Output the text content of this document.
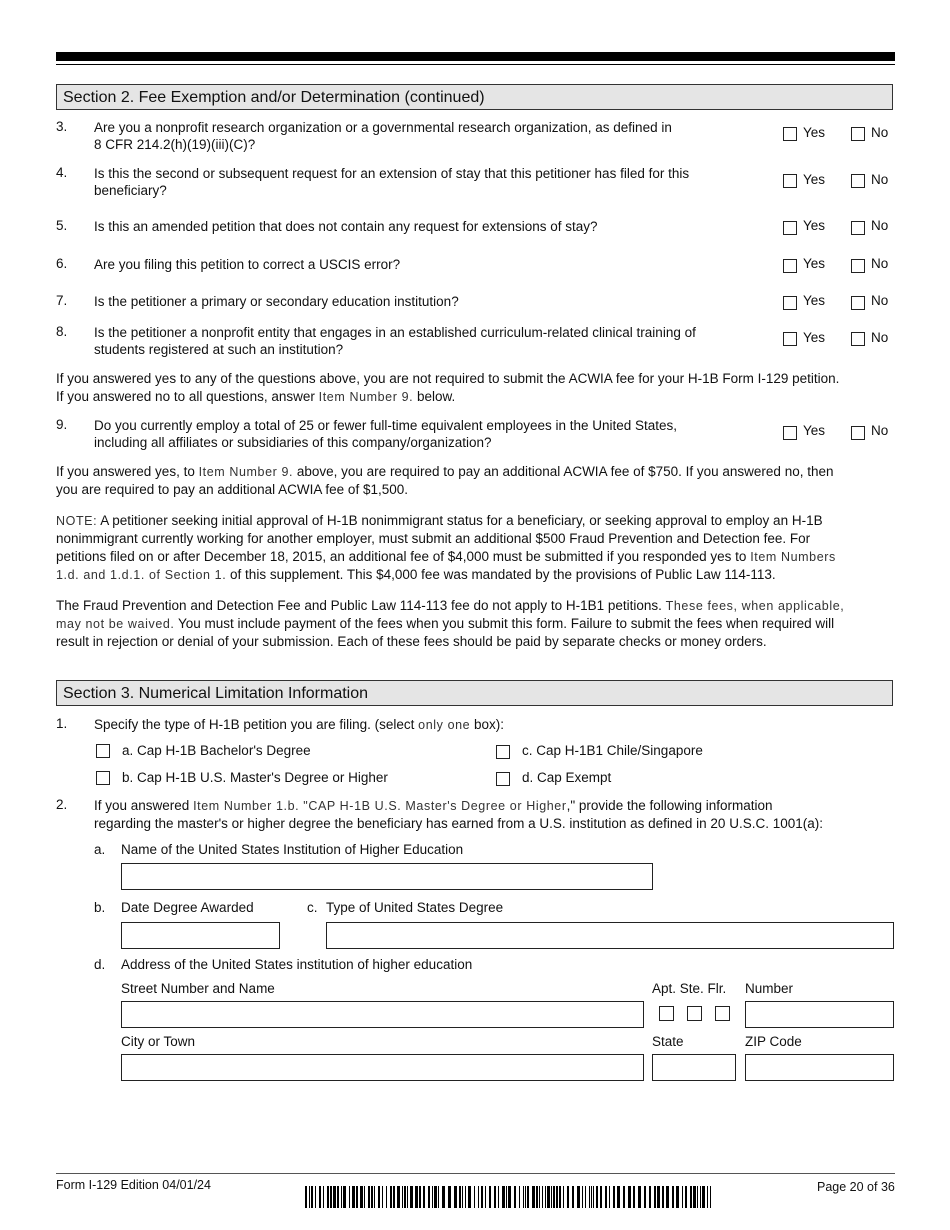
Section 2. Fee Exemption and/or Determination (continued)
3.	Are you a nonprofit research organization or a governmental research organization, as defined in
8 CFR 214.2(h)(19)(iii)(C)?
Yes	No
4.	Is this the second or subsequent request for an extension of stay that this petitioner has filed for this
beneficiary?
Yes	No
5.	Is this an amended petition that does not contain any request for extensions of stay?	Yes	No
6.	Are you filing this petition to correct a USCIS error?	Yes	No
7.	Is the petitioner a primary or secondary education institution?	Yes	No
8.	Is the petitioner a nonprofit entity that engages in an established curriculum-related clinical training of
students registered at such an institution?
Yes	No
If you answered yes to any of the questions above, you are not required to submit the ACWIA fee for your H-1B Form I-129 petition.
If you answered no to all questions, answer Item Number 9. below.
9.	Do you currently employ a total of 25 or fewer full-time equivalent employees in the United States,
including all affiliates or subsidiaries of this company/organization?
Yes	No
If you answered yes, to Item Number 9. above, you are required to pay an additional ACWIA fee of $750. If you answered no, then
you are required to pay an additional ACWIA fee of $1,500.
NOTE: A petitioner seeking initial approval of H-1B nonimmigrant status for a beneficiary, or seeking approval to employ an H-1B
nonimmigrant currently working for another employer, must submit an additional $500 Fraud Prevention and Detection fee. For
petitions filed on or after December 18, 2015, an additional fee of $4,000 must be submitted if you responded yes to Item Numbers
1.d. and 1.d.1. of Section 1. of this supplement. This $4,000 fee was mandated by the provisions of Public Law 114-113.
The Fraud Prevention and Detection Fee and Public Law 114-113 fee do not apply to H-1B1 petitions. These fees, when applicable,
may not be waived. You must include payment of the fees when you submit this form. Failure to submit the fees when required will
result in rejection or denial of your submission. Each of these fees should be paid by separate checks or money orders.
Section 3. Numerical Limitation Information
1.	Specify the type of H-1B petition you are filing. (select only one box):
a. Cap H-1B Bachelor's Degree	c. Cap H-1B1 Chile/Singapore
b. Cap H-1B U.S. Master's Degree or Higher	d. Cap Exempt
2.	If you answered Item Number 1.b. "CAP H-1B U.S. Master's Degree or Higher," provide the following information
regarding the master's or higher degree the beneficiary has earned from a U.S. institution as defined in 20 U.S.C. 1001(a):
a. Name of the United States Institution of Higher Education
b. Date Degree Awarded	c. Type of United States Degree
d. Address of the United States institution of higher education
Street Number and Name	Apt. Ste. Flr. Number
City or Town	State	ZIP Code
Form I-129 Edition 04/01/24	Page 20 of 36
